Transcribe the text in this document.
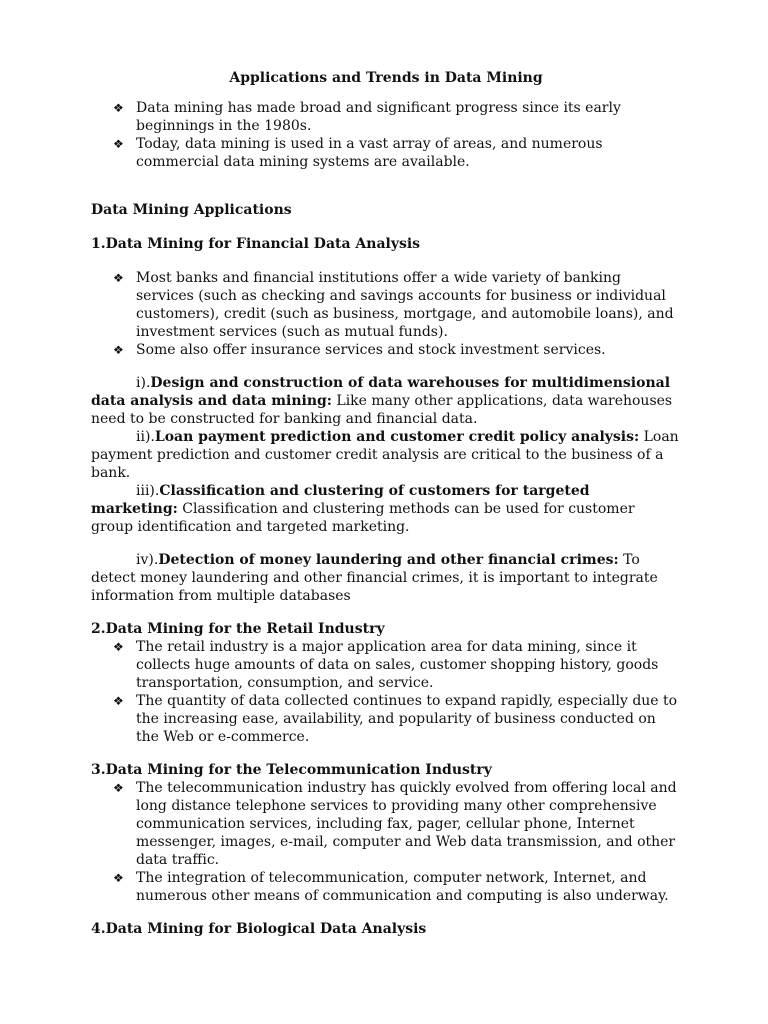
Applications and Trends in Data Mining
❖ Data mining has made broad and significant progress since its early beginnings in the 1980s.
❖ Today, data mining is used in a vast array of areas, and numerous commercial data mining systems are available.
Data Mining Applications
1.Data Mining for Financial Data Analysis
❖ Most banks and financial institutions offer a wide variety of banking services (such as checking and savings accounts for business or individual customers), credit (such as business, mortgage, and automobile loans), and investment services (such as mutual funds).
❖ Some also offer insurance services and stock investment services.

i).Design and construction of data warehouses for multidimensional data analysis and data mining: Like many other applications, data warehouses need to be constructed for banking and financial data.

ii).Loan payment prediction and customer credit policy analysis: Loan payment prediction and customer credit analysis are critical to the business of a bank.

iii).Classification and clustering of customers for targeted marketing: Classification and clustering methods can be used for customer group identification and targeted marketing.

iv).Detection of money laundering and other financial crimes: To detect money laundering and other financial crimes, it is important to integrate information from multiple databases

2.Data Mining for the Retail Industry
❖ The retail industry is a major application area for data mining, since it collects huge amounts of data on sales, customer shopping history, goods transportation, consumption, and service.
❖ The quantity of data collected continues to expand rapidly, especially due to the increasing ease, availability, and popularity of business conducted on the Web or e-commerce.
3.Data Mining for the Telecommunication Industry
❖ The telecommunication industry has quickly evolved from offering local and long distance telephone services to providing many other comprehensive communication services, including fax, pager, cellular phone, Internet messenger, images, e-mail, computer and Web data transmission, and other data traffic.
❖ The integration of telecommunication, computer network, Internet, and numerous other means of communication and computing is also underway.
4.Data Mining for Biological Data Analysis
